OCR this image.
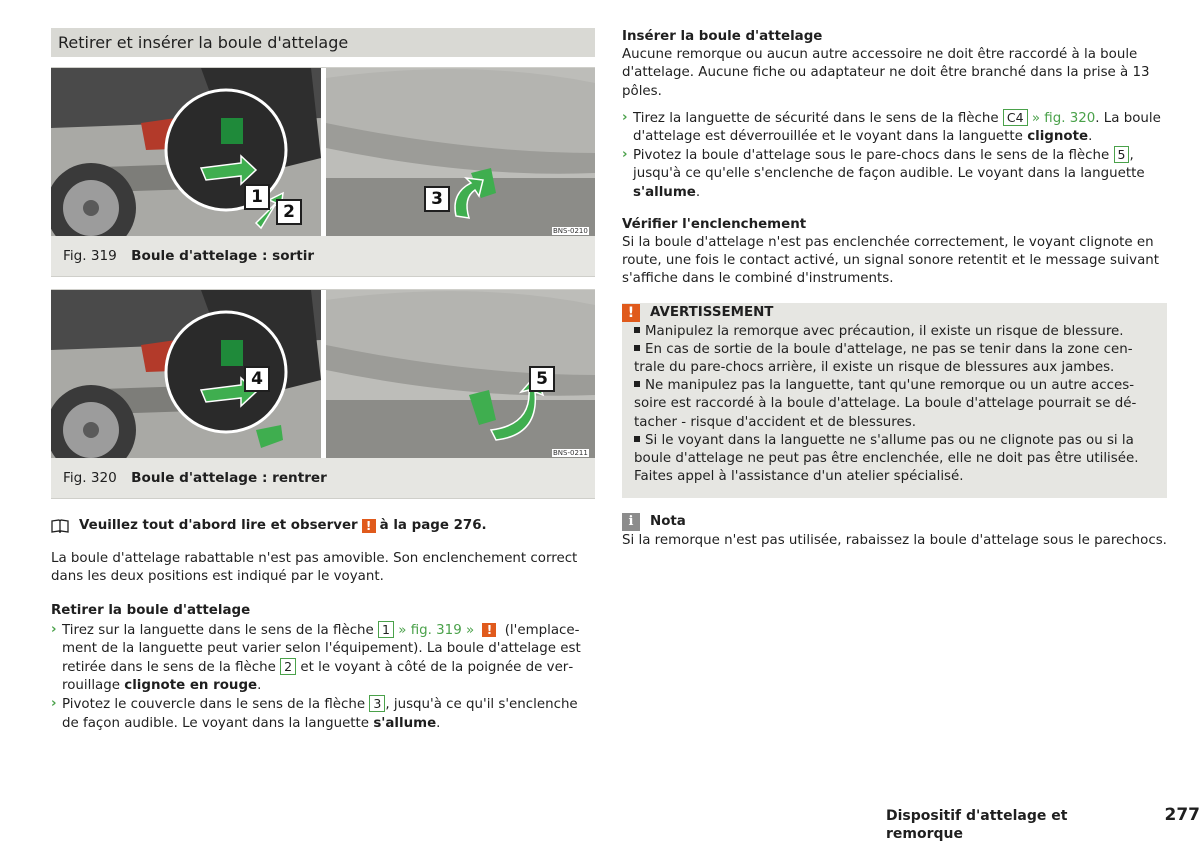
Retirer et insérer la boule d'attelage
1
2
3
BNS-0210
Fig. 319 Boule d'attelage : sortir
4	5
BNS-0211
Fig. 320 Boule d'attelage : rentrer
Veuillez tout d'abord lire et observer ! à la page 276.

La boule d'attelage rabattable n'est pas amovible. Son enclenchement correct dans les deux positions est indiqué par le voyant.

Retirer la boule d'attelage
› Tirez sur la languette dans le sens de la flèche 1 » fig. 319 » ! (l'emplacement de la languette peut varier selon l'équipement). La boule d'attelage est retirée dans le sens de la flèche 2 et le voyant à côté de la poignée de verrouillage clignote en rouge.
› Pivotez le couvercle dans le sens de la flèche 3 , jusqu'à ce qu'il s'enclenche de façon audible. Le voyant dans la languette s'allume.
Insérer la boule d'attelage

Aucune remorque ou aucun autre accessoire ne doit être raccordé à la boule d'attelage. Aucune fiche ou adaptateur ne doit être branché dans la prise à 13 pôles.

› Tirez la languette de sécurité dans le sens de la flèche C4 » fig. 320. La boule d'attelage est déverrouillée et le voyant dans la languette clignote.
› Pivotez la boule d'attelage sous le pare-chocs dans le sens de la flèche 5 , jusqu'à ce qu'elle s'enclenche de façon audible. Le voyant dans la languette s'allume.
Vérifier l'enclenchement

Si la boule d'attelage n'est pas enclenchée correctement, le voyant clignote en route, une fois le contact activé, un signal sonore retentit et le message suivant s'affiche dans le combiné d'instruments.

!	AVERTISSEMENT
Manipulez la remorque avec précaution, il existe un risque de blessure.
En cas de sortie de la boule d'attelage, ne pas se tenir dans la zone centrale du pare-chocs arrière, il existe un risque de blessures aux jambes.
Ne manipulez pas la languette, tant qu'une remorque ou un autre accessoire est raccordé à la boule d'attelage. La boule d'attelage pourrait se détacher - risque d'accident et de blessures.
Si le voyant dans la languette ne s'allume pas ou ne clignote pas ou si la boule d'attelage ne peut pas être enclenchée, elle ne doit pas être utilisée. Faites appel à l'assistance d'un atelier spécialisé.
i	Nota

Si la remorque n'est pas utilisée, rabaissez la boule d'attelage sous le parechocs.

Dispositif d'attelage et remorque
277
